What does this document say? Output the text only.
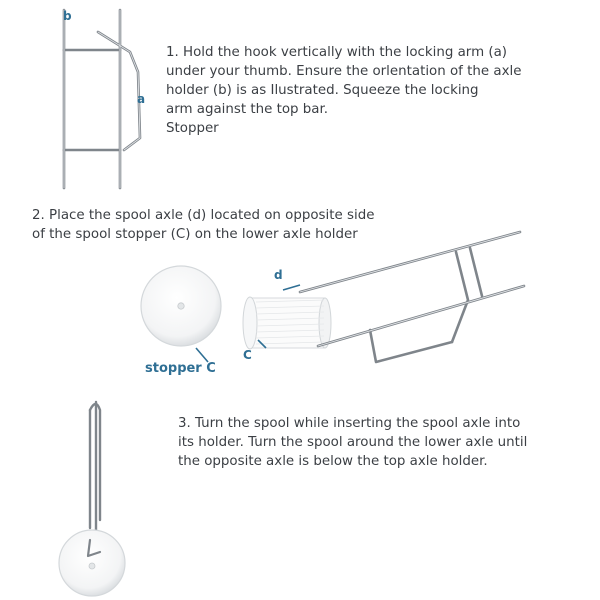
b
a
1. Hold the hook vertically with the locking arm (a)
under your thumb. Ensure the orlentation of the axle
holder (b) is as Ilustrated. Squeeze the locking
arm against the top bar.
Stopper
2. Place the spool axle (d) located on opposite side
of the spool stopper (C) on the lower axle holder
d
C
stopper C
3. Turn the spool while inserting the spool axle into
its holder. Turn the spool around the lower axle until
the opposite axle is below the top axle holder.
